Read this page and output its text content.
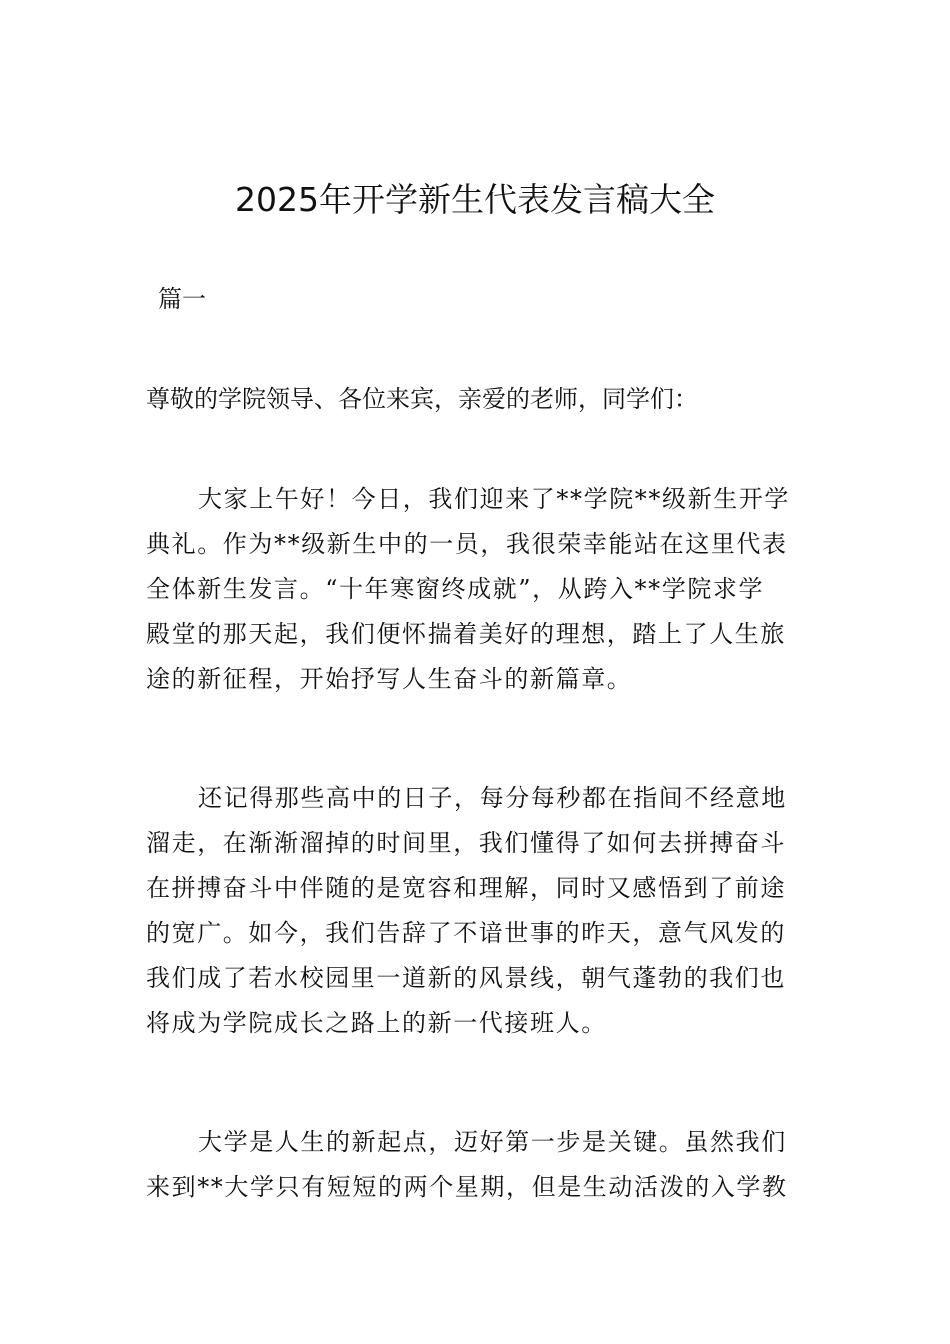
2025年开学新生代表发言稿大全
篇一
尊敬的学院领导、各位来宾，亲爱的老师，同学们：

大家上午好！今日，我们迎来了**学院**级新生开学
典礼。作为**级新生中的一员，我很荣幸能站在这里代表
全体新生发言。“十年寒窗终成就”，从跨入**学院求学
殿堂的那天起，我们便怀揣着美好的理想，踏上了人生旅
途的新征程，开始抒写人生奋斗的新篇章。

还记得那些高中的日子，每分每秒都在指间不经意地
溜走，在渐渐溜掉的时间里，我们懂得了如何去拼搏奋斗
在拼搏奋斗中伴随的是宽容和理解，同时又感悟到了前途
的宽广。如今，我们告辞了不谙世事的昨天，意气风发的
我们成了若水校园里一道新的风景线，朝气蓬勃的我们也
将成为学院成长之路上的新一代接班人。

大学是人生的新起点，迈好第一步是关键。虽然我们
来到**大学只有短短的两个星期，但是生动活泼的入学教
